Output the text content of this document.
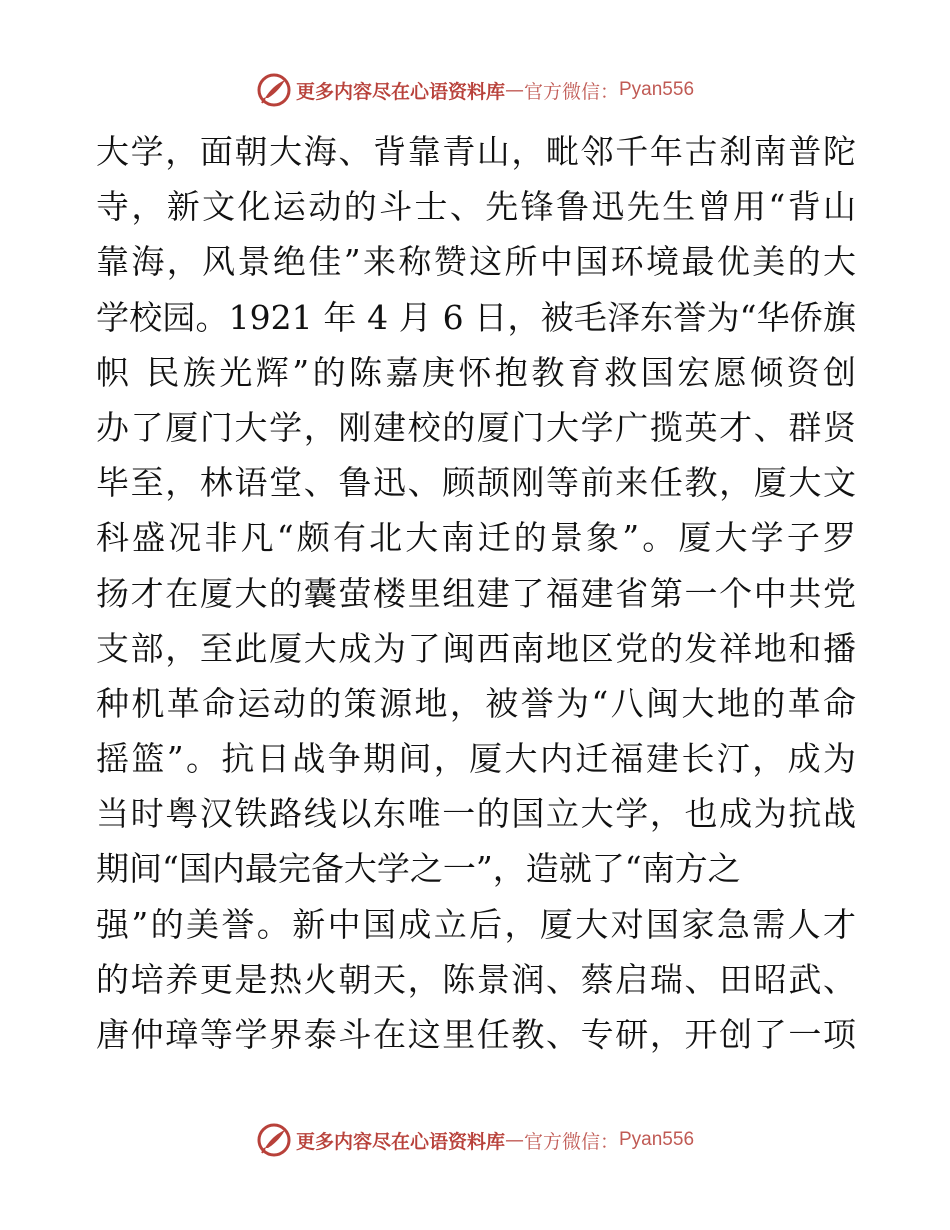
更多内容尽在心语资料库 — 官方微信： Pyan556
大学，面朝大海、背靠青山，毗邻千年古刹南普陀
寺，新文化运动的斗士、先锋鲁迅先生曾用“背山
靠海，风景绝佳”来称赞这所中国环境最优美的大
学校园。1921 年 4 月 6 日，被毛泽东誉为“华侨旗
帜 民族光辉”的陈嘉庚怀抱教育救国宏愿倾资创
办了厦门大学，刚建校的厦门大学广揽英才、群贤
毕至，林语堂、鲁迅、顾颉刚等前来任教，厦大文
科盛况非凡“颇有北大南迁的景象”。厦大学子罗
扬才在厦大的囊萤楼里组建了福建省第一个中共党
支部，至此厦大成为了闽西南地区党的发祥地和播
种机革命运动的策源地，被誉为“八闽大地的革命
摇篮”。抗日战争期间，厦大内迁福建长汀，成为
当时粤汉铁路线以东唯一的国立大学，也成为抗战
期间“国内最完备大学之一”，造就了“南方之
强”的美誉。新中国成立后，厦大对国家急需人才
的培养更是热火朝天，陈景润、蔡启瑞、田昭武、
唐仲璋等学界泰斗在这里任教、专研，开创了一项
更多内容尽在心语资料库 — 官方微信： Pyan556
